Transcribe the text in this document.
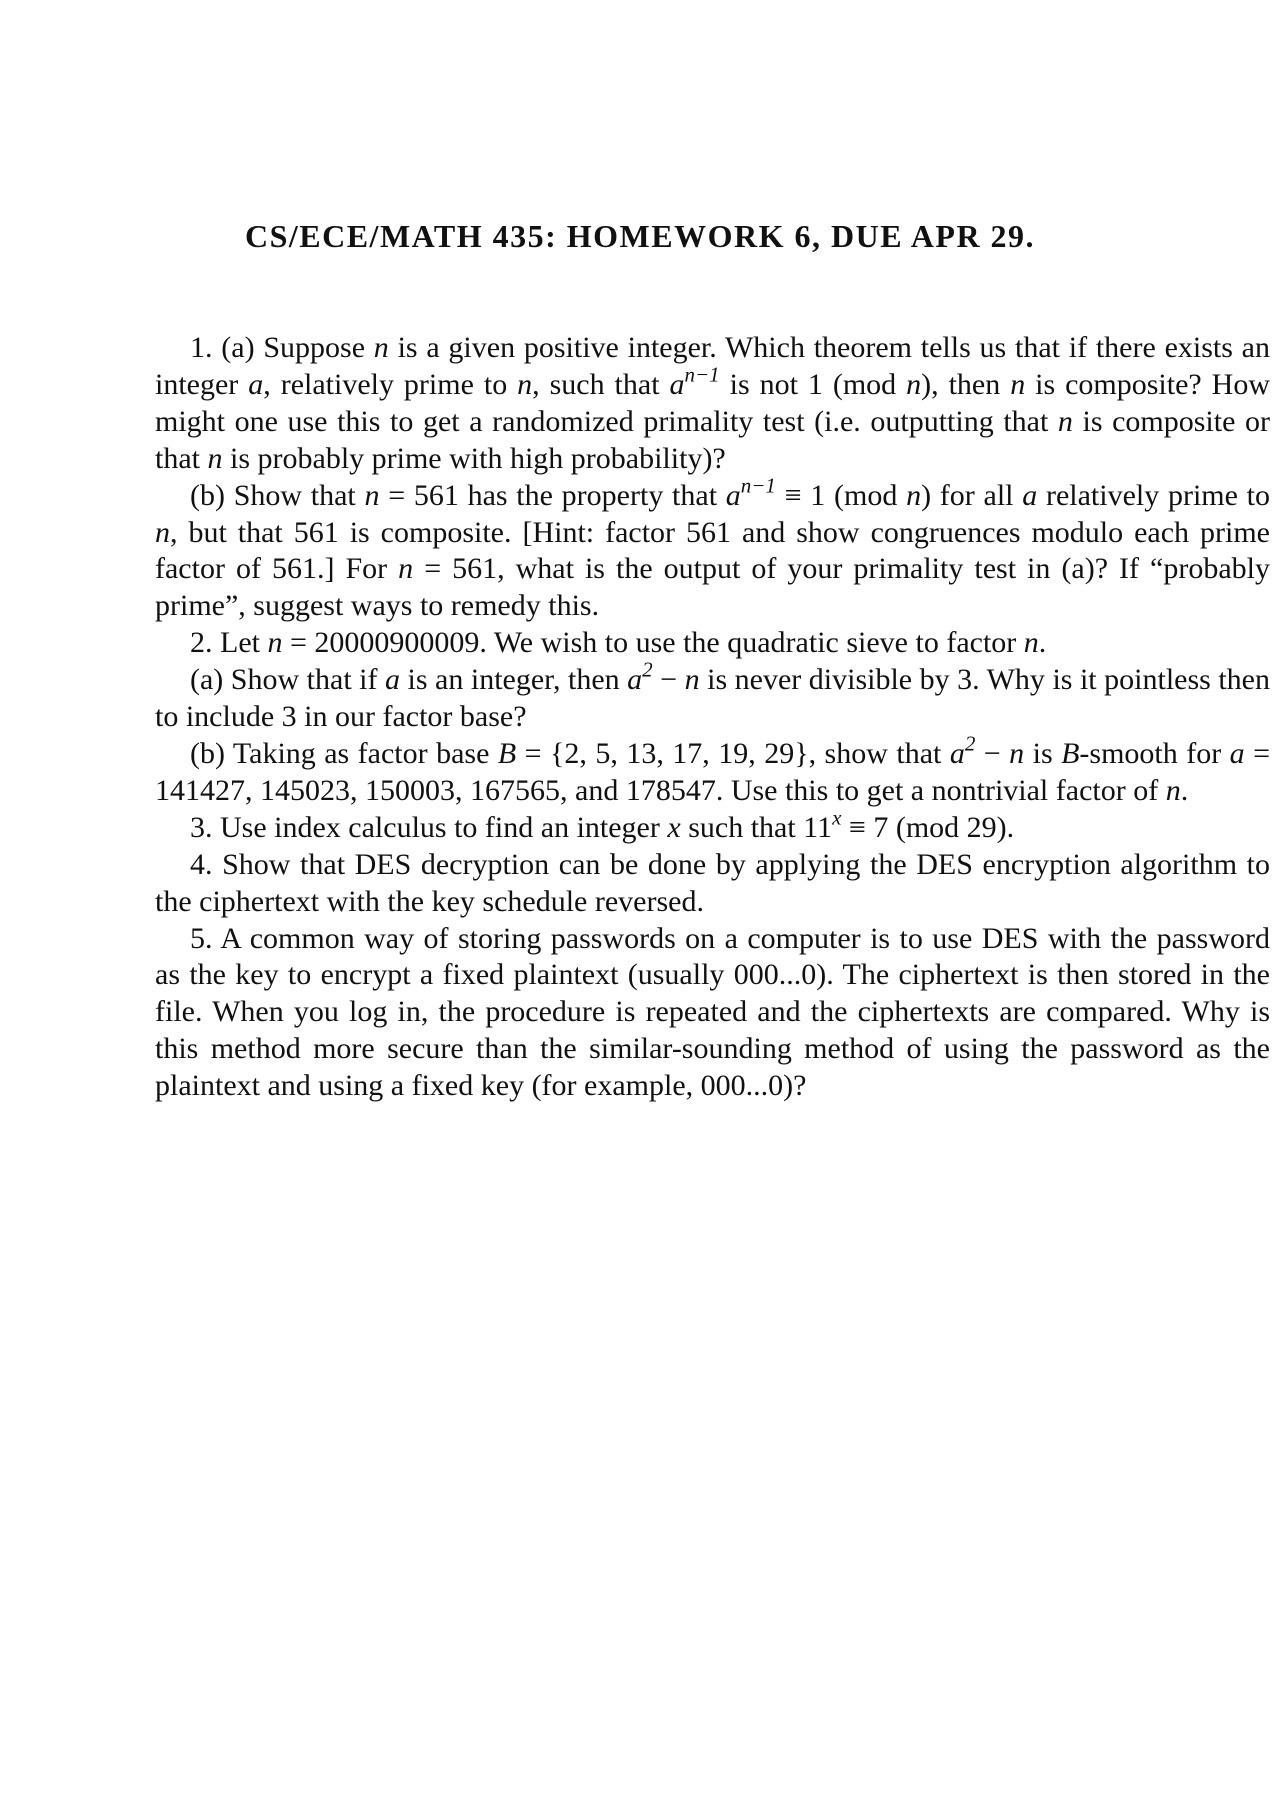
CS/ECE/MATH 435: HOMEWORK 6, DUE APR 29.

1. (a) Suppose n is a given positive integer. Which theorem tells us that if there exists an integer a, relatively prime to n, such that $a^{n-1}$ is not 1 (mod n), then n is composite? How might one use this to get a randomized primality test (i.e. outputting that n is composite or that n is probably prime with high probability)?

(b) Show that n = 561 has the property that $a^{n-1} \equiv 1$ (mod n) for all a relatively prime to n, but that 561 is composite. [Hint: factor 561 and show congruences modulo each prime factor of 561.] For n = 561, what is the output of your primality test in (a)? If “probably prime”, suggest ways to remedy this.

2. Let n = 20000900009. We wish to use the quadratic sieve to factor n.

(a) Show that if a is an integer, then $a^2 - n$ is never divisible by 3. Why is it pointless then to include 3 in our factor base?

(b) Taking as factor base B = {2, 5, 13, 17, 19, 29}, show that $a^2 - n$ is B-smooth for a = 141427, 145023, 150003, 167565, and 178547. Use this to get a nontrivial factor of n.

3. Use index calculus to find an integer x such that $11^x \equiv 7$ (mod 29).

4. Show that DES decryption can be done by applying the DES encryption algorithm to the ciphertext with the key schedule reversed.

5. A common way of storing passwords on a computer is to use DES with the password as the key to encrypt a fixed plaintext (usually 000...0). The ciphertext is then stored in the file. When you log in, the procedure is repeated and the ciphertexts are compared. Why is this method more secure than the similar-sounding method of using the password as the plaintext and using a fixed key (for example, 000...0)?
